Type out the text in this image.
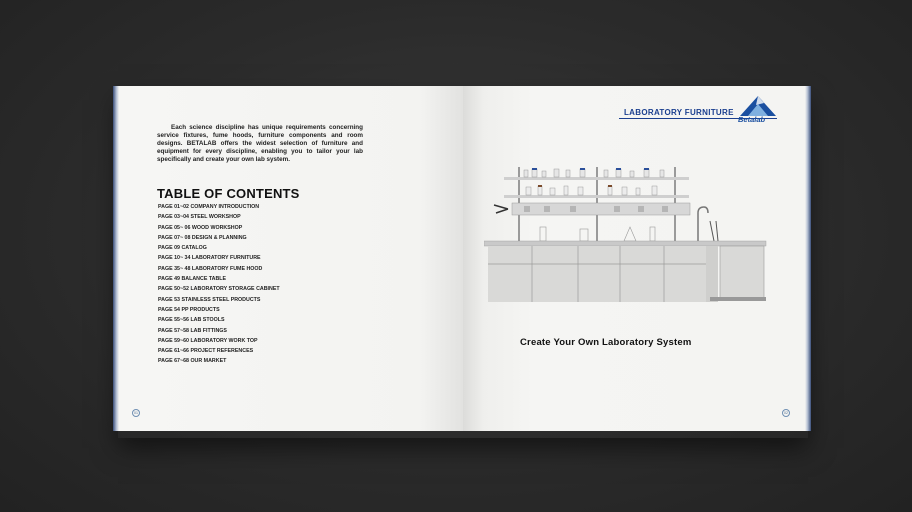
Each science discipline has unique requirements concerning service fixtures, fume hoods, furniture components and room designs. BETALAB offers the widest selection of furniture and equipment for every discipline, enabling you to tailor your lab specifically and create your own lab system.
TABLE OF CONTENTS
PAGE 01~02 COMPANY INTRODUCTION
PAGE 03~04 STEEL WORKSHOP
PAGE 05~ 06 WOOD WORKSHOP
PAGE 07~ 08 DESIGN & PLANNING
PAGE 09 CATALOG
PAGE 10~ 34 LABORATORY FURNITURE
PAGE 35~ 48 LABORATORY FUME HOOD
PAGE 49 BALANCE TABLE
PAGE 50~52 LABORATORY STORAGE CABINET
PAGE 53 STAINLESS STEEL PRODUCTS
PAGE 54 PP PRODUCTS
PAGE 55~56 LAB STOOLS
PAGE 57~58 LAB FITTINGS
PAGE 59~60 LABORATORY WORK TOP
PAGE 61~66 PROJECT REFERENCES
PAGE 67~68 OUR MARKET
01
LABORATORY FURNITURE
Betalab
Create Your Own Laboratory System
02
